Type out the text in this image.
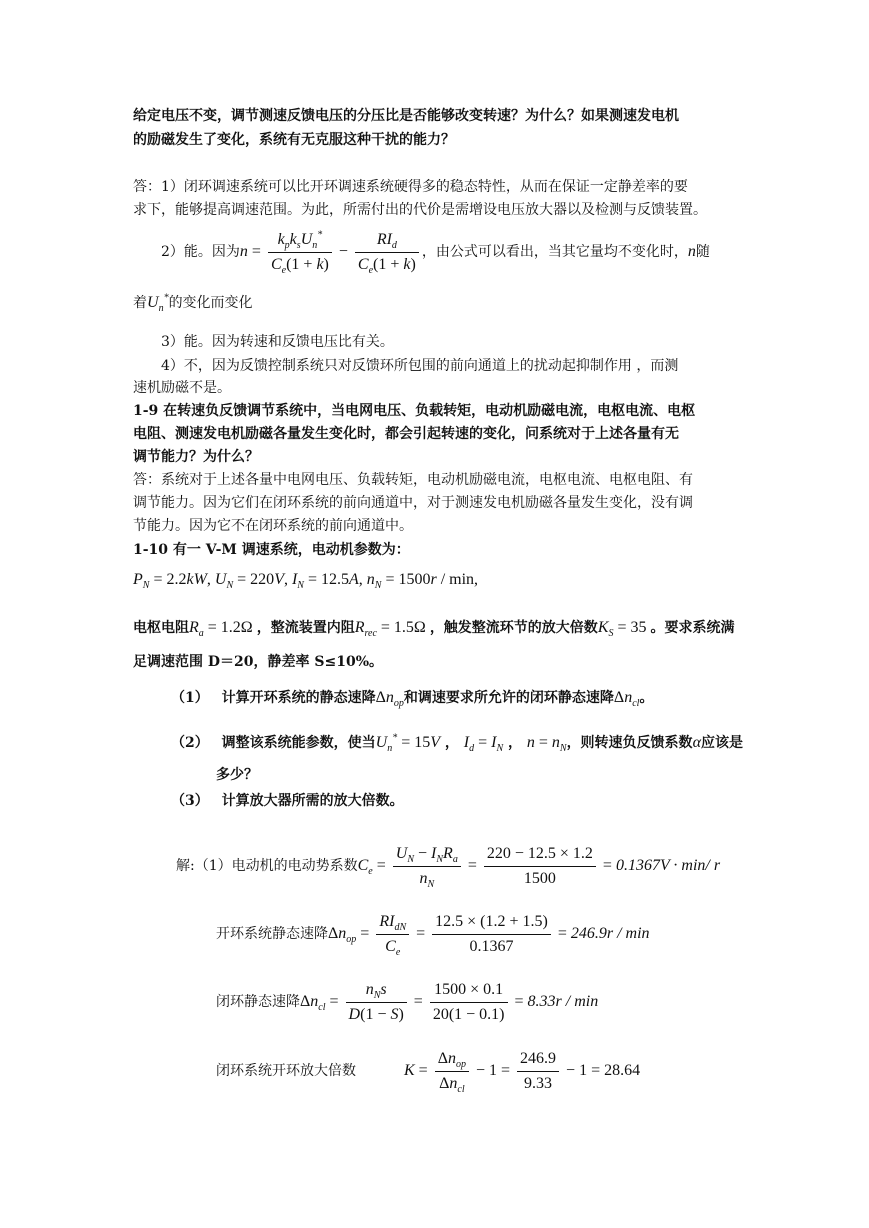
给定电压不变，调节测速反馈电压的分压比是否能够改变转速？为什么？如果测速发电机
的励磁发生了变化，系统有无克服这种干扰的能力？
答：1）闭环调速系统可以比开环调速系统硬得多的稳态特性，从而在保证一定静差率的要
求下，能够提高调速范围。为此，所需付出的代价是需增设电压放大器以及检测与反馈装置。
2）能。因为$n = \frac{k_pk_sU_n^*}{C_e(1 + k)} - \frac{RI_d}{C_e(1 + k)}$ ，由公式可以看出，当其它量均不变化时，n随
着$U_n^*$的变化而变化
3）能。因为转速和反馈电压比有关。
4）不，因为反馈控制系统只对反馈环所包围的前向通道上的扰动起抑制作用 ，而测
速机励磁不是。
1-9 在转速负反馈调节系统中，当电网电压、负载转矩，电动机励磁电流，电枢电流、电枢
电阻、测速发电机励磁各量发生变化时，都会引起转速的变化，问系统对于上述各量有无
调节能力？为什么？
答：系统对于上述各量中电网电压、负载转矩，电动机励磁电流，电枢电流、电枢电阻、有
调节能力。因为它们在闭环系统的前向通道中，对于测速发电机励磁各量发生变化，没有调
节能力。因为它不在闭环系统的前向通道中。
1-10 有一 V-M 调速系统，电动机参数为：
$P_N = 2.2kW$, $U_N = 220V$, $I_N = 12.5A$, $n_N = 1500r / \min$,
电枢电阻$R_a = 1.2\Omega$ ，整流装置内阻$R_{rec} = 1.5\Omega$ ，触发整流环节的放大倍数$K_S = 35$ 。要求系统满
足调速范围 D＝20，静差率 S≤10%。
（1） 计算开环系统的静态速降$\Delta n_{op}$和调速要求所允许的闭环静态速降$\Delta n_{cl}$。
（2） 调整该系统能参数，使当$U_n^* = 15V$ ， $I_d = I_N$ ， $n = n_N$，则转速负反馈系数α应该是
多少？
（3） 计算放大器所需的放大倍数。
解:（1）电动机的电动势系数$C_e = \frac{U_N - I_NR_a}{n_N} = \frac{220 - 12.5 \times 1.2}{1500} = 0.1367V \cdot \min/$ r
开环系统静态速降$\Delta n_{op} = \frac{RI_{dN}}{C_e} = \frac{12.5 \times (1.2 + 1.5)}{0.1367} = 246.9r / \min$
闭环静态速降$\Delta n_{cl} = \frac{n_Ns}{D(1 - S)} = \frac{1500 \times 0.1}{20(1 - 0.1)} = 8.33r / \min$
闭环系统开环放大倍数	$K = \frac{\Delta n_{op}}{\Delta n_{cl}} - 1 = \frac{246.9}{9.33} - 1 = 28.64$
